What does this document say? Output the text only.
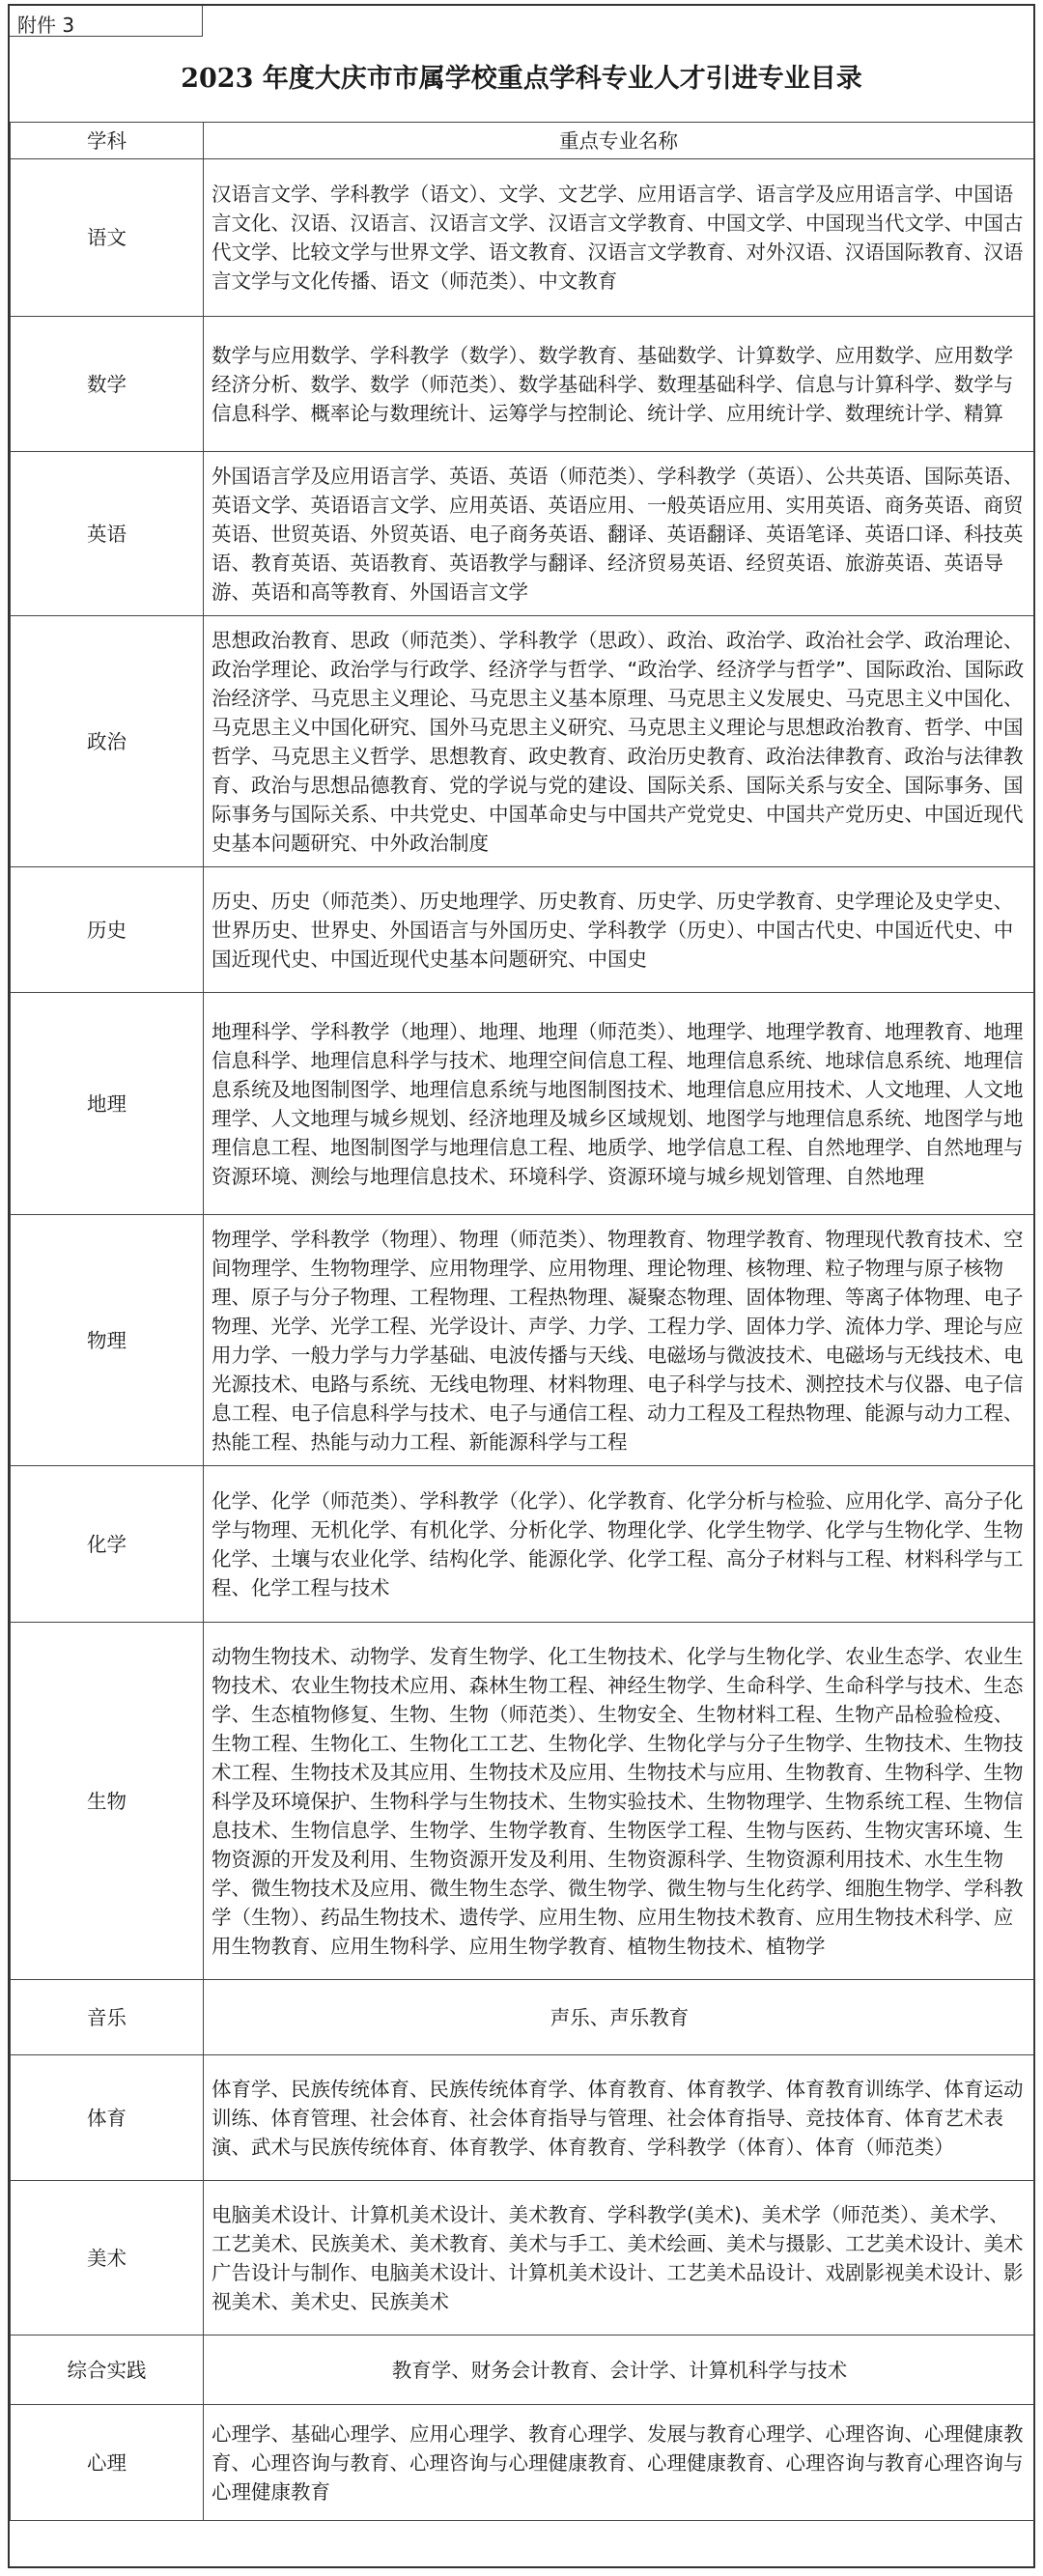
附件 3
2023 年度大庆市市属学校重点学科专业人才引进专业目录
学科	重点专业名称
语文	汉语言文学、学科教学（语文）、文学、文艺学、应用语言学、语言学及应用语言学、中国语言文化、汉语、汉语言、汉语言文学、汉语言文学教育、中国文学、中国现当代文学、中国古代文学、比较文学与世界文学、语文教育、汉语言文学教育、对外汉语、汉语国际教育、汉语言文学与文化传播、语文（师范类）、中文教育
数学	数学与应用数学、学科教学（数学）、数学教育、基础数学、计算数学、应用数学、应用数学经济分析、数学、数学（师范类）、数学基础科学、数理基础科学、信息与计算科学、数学与信息科学、概率论与数理统计、运筹学与控制论、统计学、应用统计学、数理统计学、精算
英语	外国语言学及应用语言学、英语、英语（师范类）、学科教学（英语）、公共英语、国际英语、英语文学、英语语言文学、应用英语、英语应用、一般英语应用、实用英语、商务英语、商贸英语、世贸英语、外贸英语、电子商务英语、翻译、英语翻译、英语笔译、英语口译、科技英语、教育英语、英语教育、英语教学与翻译、经济贸易英语、经贸英语、旅游英语、英语导游、英语和高等教育、外国语言文学
政治	思想政治教育、思政（师范类）、学科教学（思政）、政治、政治学、政治社会学、政治理论、政治学理论、政治学与行政学、经济学与哲学、“政治学、经济学与哲学”、国际政治、国际政治经济学、马克思主义理论、马克思主义基本原理、马克思主义发展史、马克思主义中国化、马克思主义中国化研究、国外马克思主义研究、马克思主义理论与思想政治教育、哲学、中国哲学、马克思主义哲学、思想教育、政史教育、政治历史教育、政治法律教育、政治与法律教育、政治与思想品德教育、党的学说与党的建设、国际关系、国际关系与安全、国际事务、国际事务与国际关系、中共党史、中国革命史与中国共产党党史、中国共产党历史、中国近现代史基本问题研究、中外政治制度
历史	历史、历史（师范类）、历史地理学、历史教育、历史学、历史学教育、史学理论及史学史、世界历史、世界史、外国语言与外国历史、学科教学（历史）、中国古代史、中国近代史、中国近现代史、中国近现代史基本问题研究、中国史
地理	地理科学、学科教学（地理）、地理、地理（师范类）、地理学、地理学教育、地理教育、地理信息科学、地理信息科学与技术、地理空间信息工程、地理信息系统、地球信息系统、地理信息系统及地图制图学、地理信息系统与地图制图技术、地理信息应用技术、人文地理、人文地理学、人文地理与城乡规划、经济地理及城乡区域规划、地图学与地理信息系统、地图学与地理信息工程、地图制图学与地理信息工程、地质学、地学信息工程、自然地理学、自然地理与资源环境、测绘与地理信息技术、环境科学、资源环境与城乡规划管理、自然地理
物理	物理学、学科教学（物理）、物理（师范类）、物理教育、物理学教育、物理现代教育技术、空间物理学、生物物理学、应用物理学、应用物理、理论物理、核物理、粒子物理与原子核物理、原子与分子物理、工程物理、工程热物理、凝聚态物理、固体物理、等离子体物理、电子物理、光学、光学工程、光学设计、声学、力学、工程力学、固体力学、流体力学、理论与应用力学、一般力学与力学基础、电波传播与天线、电磁场与微波技术、电磁场与无线技术、电光源技术、电路与系统、无线电物理、材料物理、电子科学与技术、测控技术与仪器、电子信息工程、电子信息科学与技术、电子与通信工程、动力工程及工程热物理、能源与动力工程、热能工程、热能与动力工程、新能源科学与工程
化学	化学、化学（师范类）、学科教学（化学）、化学教育、化学分析与检验、应用化学、高分子化学与物理、无机化学、有机化学、分析化学、物理化学、化学生物学、化学与生物化学、生物化学、土壤与农业化学、结构化学、能源化学、化学工程、高分子材料与工程、材料科学与工程、化学工程与技术
生物	动物生物技术、动物学、发育生物学、化工生物技术、化学与生物化学、农业生态学、农业生物技术、农业生物技术应用、森林生物工程、神经生物学、生命科学、生命科学与技术、生态学、生态植物修复、生物、生物（师范类）、生物安全、生物材料工程、生物产品检验检疫、生物工程、生物化工、生物化工工艺、生物化学、生物化学与分子生物学、生物技术、生物技术工程、生物技术及其应用、生物技术及应用、生物技术与应用、生物教育、生物科学、生物科学及环境保护、生物科学与生物技术、生物实验技术、生物物理学、生物系统工程、生物信息技术、生物信息学、生物学、生物学教育、生物医学工程、生物与医药、生物灾害环境、生物资源的开发及利用、生物资源开发及利用、生物资源科学、生物资源利用技术、水生生物学、微生物技术及应用、微生物生态学、微生物学、微生物与生化药学、细胞生物学、学科教学（生物）、药品生物技术、遗传学、应用生物、应用生物技术教育、应用生物技术科学、应用生物教育、应用生物科学、应用生物学教育、植物生物技术、植物学
音乐	声乐、声乐教育
体育	体育学、民族传统体育、民族传统体育学、体育教育、体育教学、体育教育训练学、体育运动训练、体育管理、社会体育、社会体育指导与管理、社会体育指导、竞技体育、体育艺术表演、武术与民族传统体育、体育教学、体育教育、学科教学（体育）、体育（师范类）
美术	电脑美术设计、计算机美术设计、美术教育、学科教学(美术)、美术学（师范类）、美术学、工艺美术、民族美术、美术教育、美术与手工、美术绘画、美术与摄影、工艺美术设计、美术广告设计与制作、电脑美术设计、计算机美术设计、工艺美术品设计、戏剧影视美术设计、影视美术、美术史、民族美术
综合实践	教育学、财务会计教育、会计学、计算机科学与技术
心理	心理学、基础心理学、应用心理学、教育心理学、发展与教育心理学、心理咨询、心理健康教育、心理咨询与教育、心理咨询与心理健康教育、心理健康教育、心理咨询与教育心理咨询与心理健康教育
